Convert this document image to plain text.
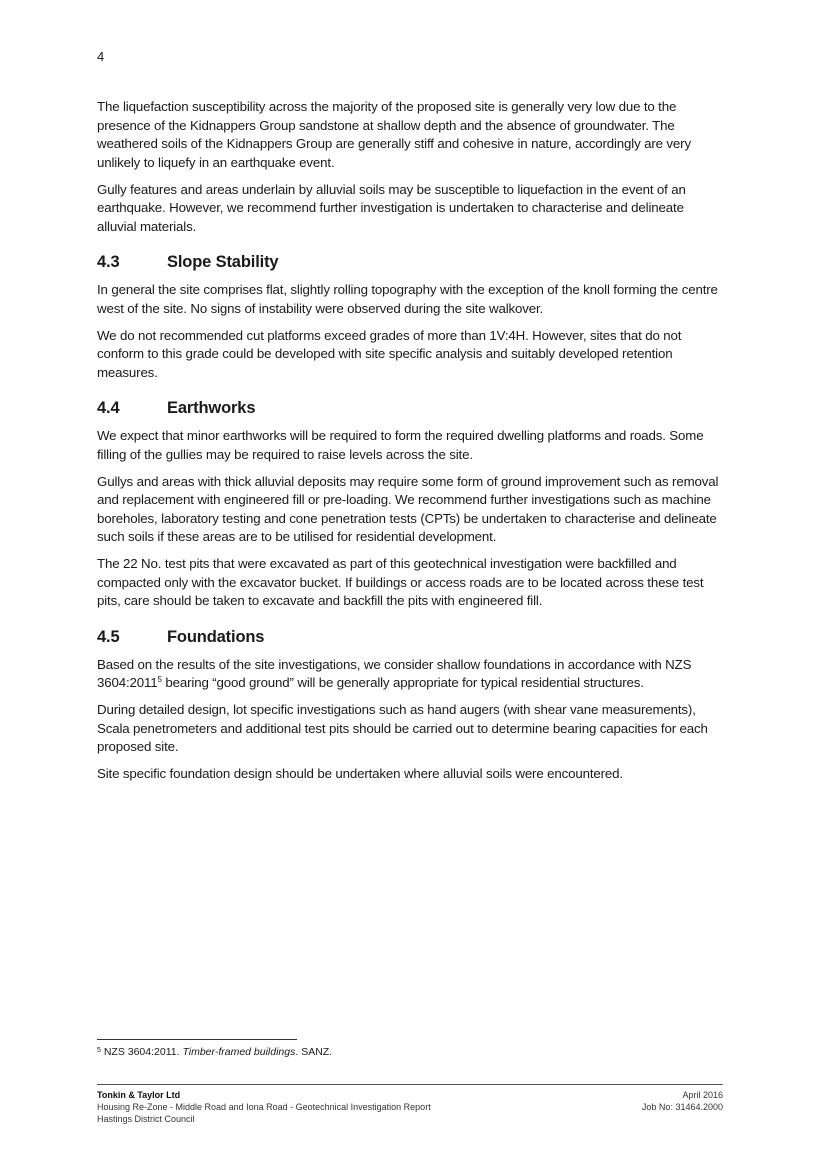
4

The liquefaction susceptibility across the majority of the proposed site is generally very low due to the presence of the Kidnappers Group sandstone at shallow depth and the absence of groundwater. The weathered soils of the Kidnappers Group are generally stiff and cohesive in nature, accordingly are very unlikely to liquefy in an earthquake event.

Gully features and areas underlain by alluvial soils may be susceptible to liquefaction in the event of an earthquake. However, we recommend further investigation is undertaken to characterise and delineate alluvial materials.

4.3	Slope Stability

In general the site comprises flat, slightly rolling topography with the exception of the knoll forming the centre west of the site. No signs of instability were observed during the site walkover.

We do not recommended cut platforms exceed grades of more than 1V:4H. However, sites that do not conform to this grade could be developed with site specific analysis and suitably developed retention measures.

4.4	Earthworks

We expect that minor earthworks will be required to form the required dwelling platforms and roads. Some filling of the gullies may be required to raise levels across the site.

Gullys and areas with thick alluvial deposits may require some form of ground improvement such as removal and replacement with engineered fill or pre-loading. We recommend further investigations such as machine boreholes, laboratory testing and cone penetration tests (CPTs) be undertaken to characterise and delineate such soils if these areas are to be utilised for residential development.

The 22 No. test pits that were excavated as part of this geotechnical investigation were backfilled and compacted only with the excavator bucket. If buildings or access roads are to be located across these test pits, care should be taken to excavate and backfill the pits with engineered fill.

4.5	Foundations

Based on the results of the site investigations, we consider shallow foundations in accordance with NZS 3604:2011$^5$ bearing “good ground” will be generally appropriate for typical residential structures.

During detailed design, lot specific investigations such as hand augers (with shear vane measurements), Scala penetrometers and additional test pits should be carried out to determine bearing capacities for each proposed site.

Site specific foundation design should be undertaken where alluvial soils were encountered.

$^5$ NZS 3604:2011. Timber-framed buildings. SANZ.
Tonkin & Taylor Ltd
Housing Re-Zone - Middle Road and Iona Road - Geotechnical Investigation Report
Hastings District Council
April 2016
Job No: 31464.2000
